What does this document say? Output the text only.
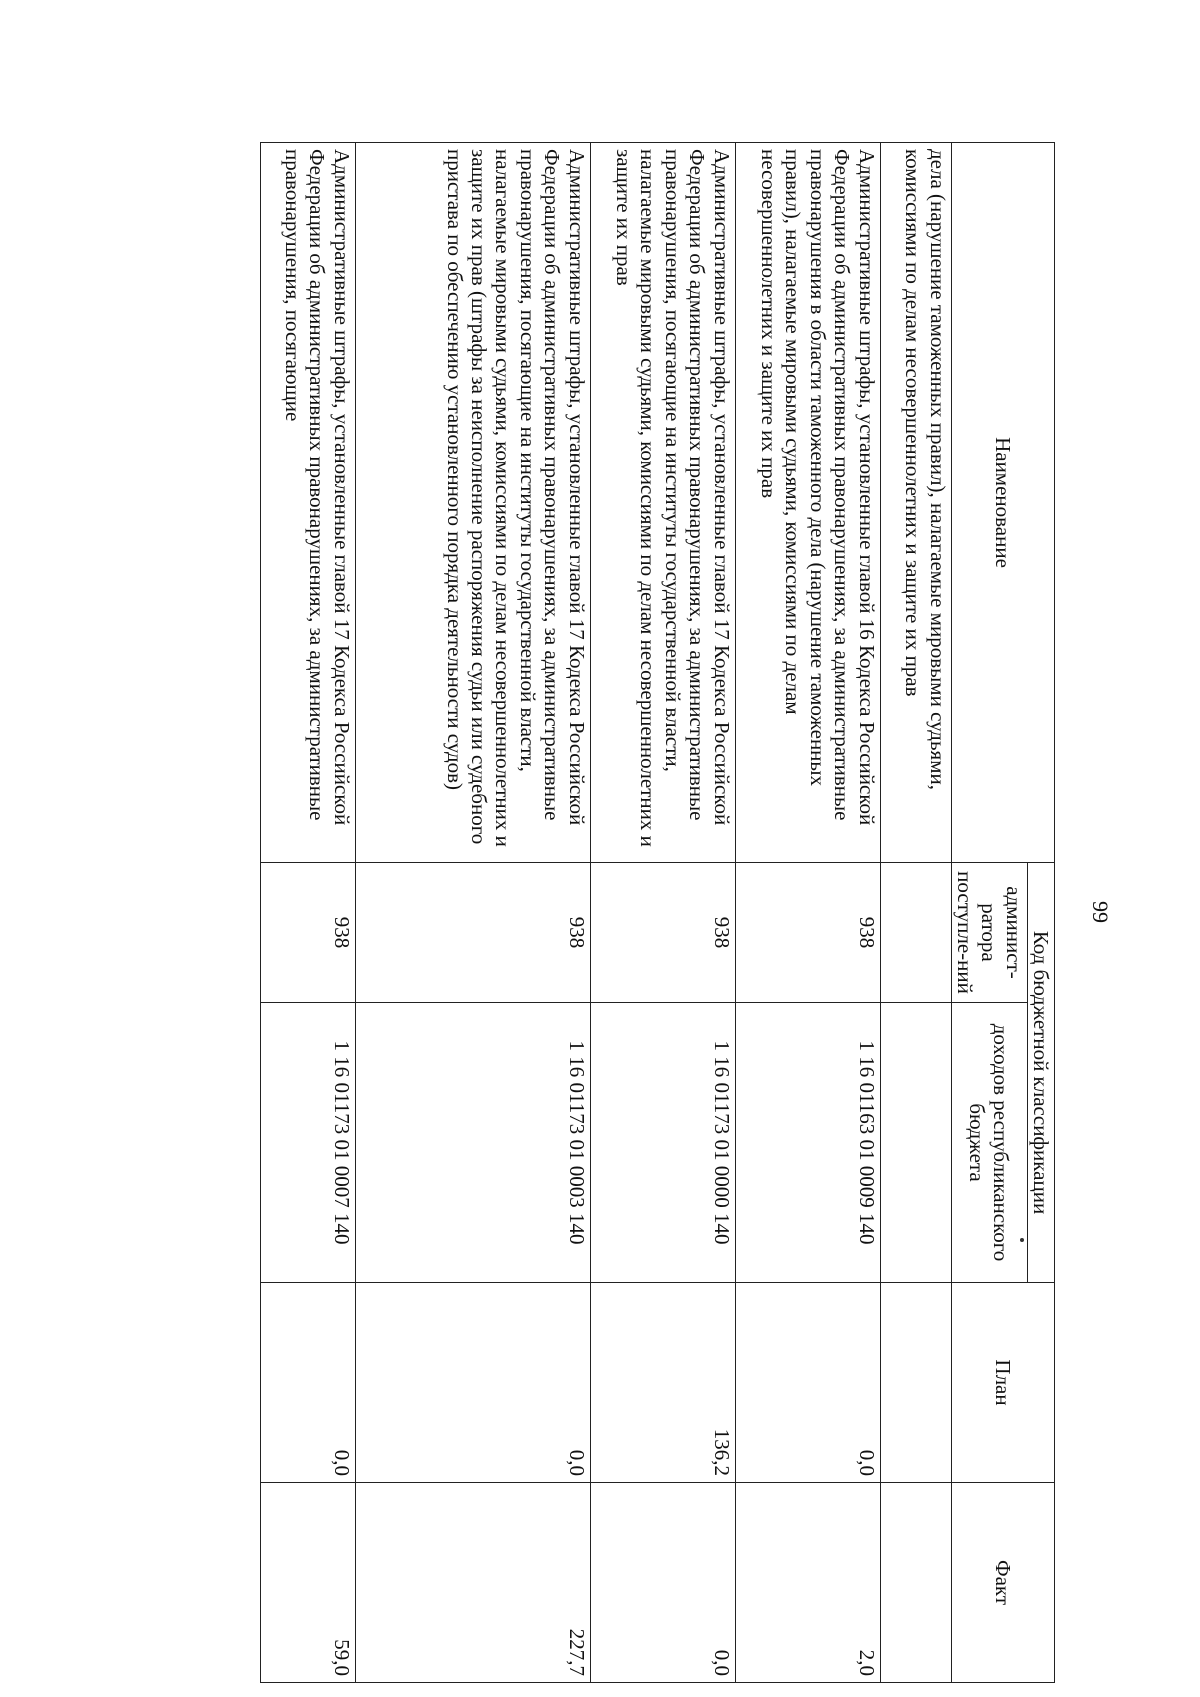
99
Наименование	Код бюджетной классификации		План	Факт
	админист-ратора поступле-ний	доходов республиканского бюджета		
дела (нарушение таможенных правил), налагаемые мировыми судьями, комиссиями по делам несовершеннолетних и защите их прав				
Административные штрафы, установленные главой 16 Кодекса Российской Федерации об административных правонарушениях, за административные правонарушения в области таможенного дела (нарушение таможенных правил), налагаемые мировыми судьями, комиссиями по делам несовершеннолетних и защите их прав	938	1 16 01163 01 0009 140	0,0	2,0
Административные штрафы, установленные главой 17 Кодекса Российской Федерации об административных правонарушениях, за административные правонарушения, посягающие на институты государственной власти, налагаемые мировыми судьями, комиссиями по делам несовершеннолетних и защите их прав	938	1 16 01173 01 0000 140	136,2	0,0
Административные штрафы, установленные главой 17 Кодекса Российской Федерации об административных правонарушениях, за административные правонарушения, посягающие на институты государственной власти, налагаемые мировыми судьями, комиссиями по делам несовершеннолетних и защите их прав (штрафы за неисполнение распоряжения судьи или судебного пристава по обеспечению установленного порядка деятельности судов)	938	1 16 01173 01 0003 140	0,0	227,7
Административные штрафы, установленные главой 17 Кодекса Российской Федерации об административных правонарушениях, за административные правонарушения, посягающие	938	1 16 01173 01 0007 140	0,0	59,0
